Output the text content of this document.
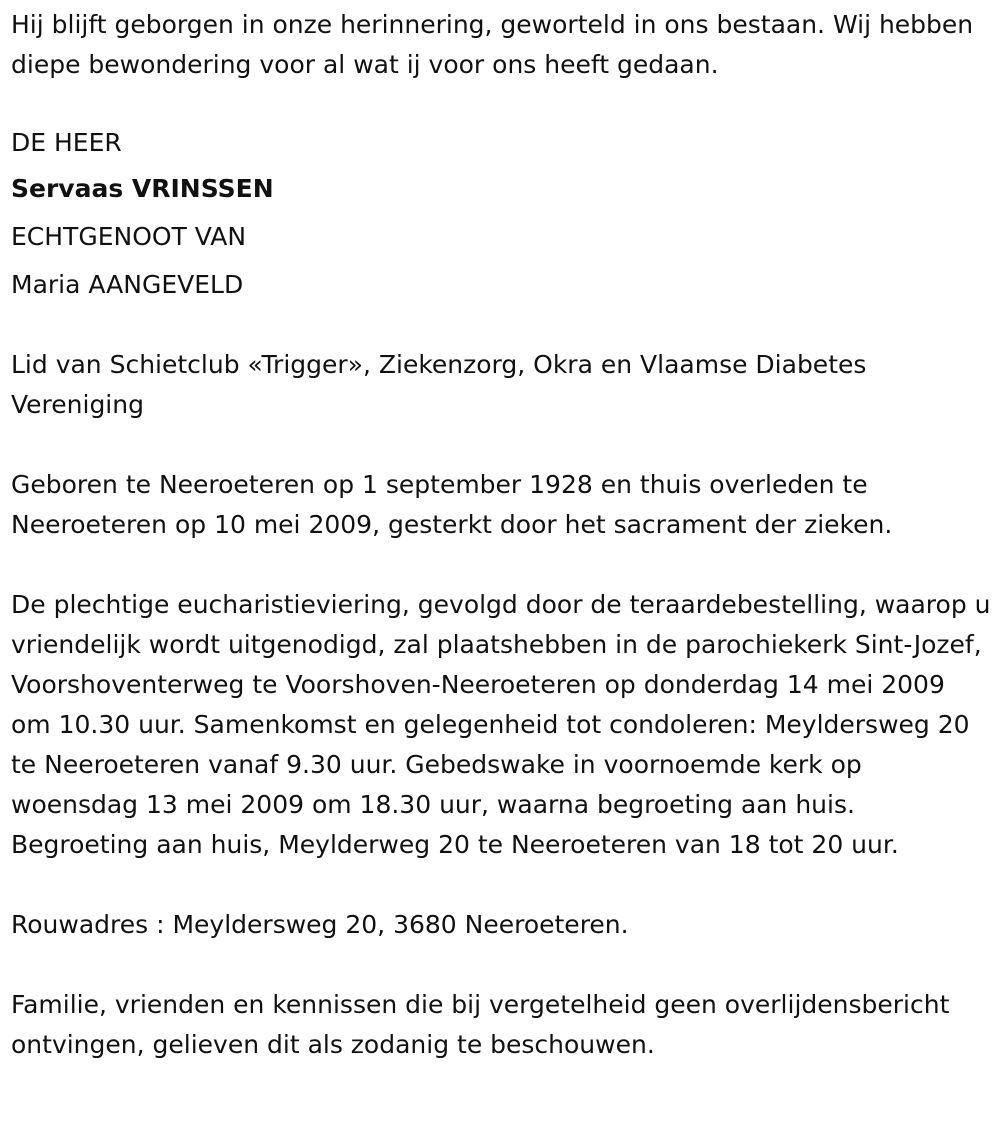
Hij blijft geborgen in onze herinnering, geworteld in ons bestaan. Wij hebben diepe bewondering voor al wat ij voor ons heeft gedaan.

DE HEER
Servaas VRINSSEN
ECHTGENOOT VAN
Maria AANGEVELD

Lid van Schietclub «Trigger», Ziekenzorg, Okra en Vlaamse Diabetes Vereniging

Geboren te Neeroeteren op 1 september 1928 en thuis overleden te Neeroeteren op 10 mei 2009, gesterkt door het sacrament der zieken.

De plechtige eucharistieviering, gevolgd door de teraardebestelling, waarop u vriendelijk wordt uitgenodigd, zal plaatshebben in de parochiekerk Sint-Jozef, Voorshoventerweg te Voorshoven-Neeroeteren op donderdag 14 mei 2009 om 10.30 uur. Samenkomst en gelegenheid tot condoleren: Meyldersweg 20 te Neeroeteren vanaf 9.30 uur. Gebedswake in voornoemde kerk op woensdag 13 mei 2009 om 18.30 uur, waarna begroeting aan huis. Begroeting aan huis, Meylderweg 20 te Neeroeteren van 18 tot 20 uur.

Rouwadres : Meyldersweg 20, 3680 Neeroeteren.

Familie, vrienden en kennissen die bij vergetelheid geen overlijdensbericht ontvingen, gelieven dit als zodanig te beschouwen.
